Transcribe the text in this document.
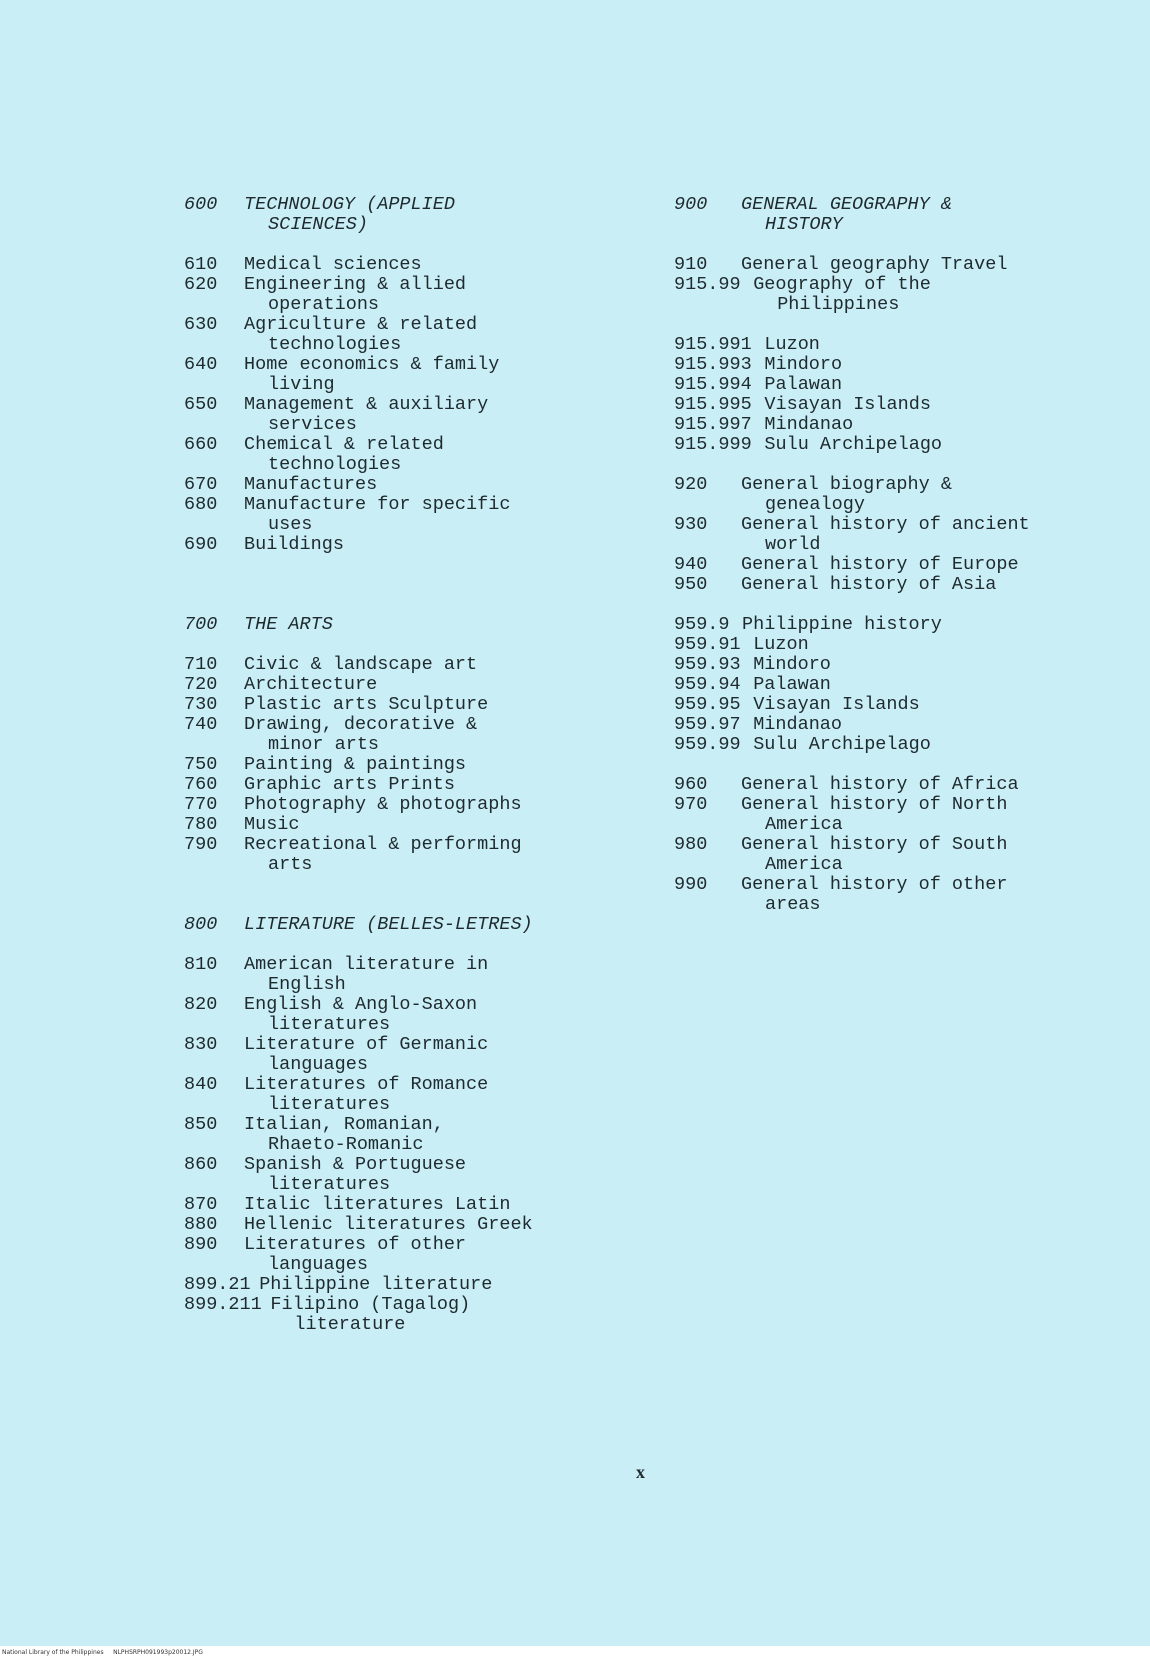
600	TECHNOLOGY (APPLIED
SCIENCES)
610	Medical sciences
620	Engineering & allied
operations
630	Agriculture & related
technologies
640	Home economics & family
living
650	Management & auxiliary
services
660	Chemical & related
technologies
670	Manufactures
680	Manufacture for specific
uses
690	Buildings
700	THE ARTS
710	Civic & landscape art
720	Architecture
730	Plastic arts Sculpture
740	Drawing, decorative &
minor arts
750	Painting & paintings
760	Graphic arts Prints
770	Photography & photographs
780	Music
790	Recreational & performing
arts
800	LITERATURE (BELLES-LETRES)
810	American literature in
English
820	English & Anglo-Saxon
literatures
830	Literature of Germanic
languages
840	Literatures of Romance
literatures
850	Italian, Romanian,
Rhaeto-Romanic
860	Spanish & Portuguese
literatures
870	Italic literatures Latin
880	Hellenic literatures Greek
890	Literatures of other
languages
899.21 Philippine literature
899.211 Filipino (Tagalog)
literature
900	GENERAL GEOGRAPHY &
HISTORY
910	General geography Travel
915.99 Geography of the
Philippines
915.991 Luzon
915.993 Mindoro
915.994 Palawan
915.995 Visayan Islands
915.997 Mindanao
915.999 Sulu Archipelago
920	General biography &
genealogy
930	General history of ancient
world
940	General history of Europe
950	General history of Asia
959.9 Philippine history
959.91 Luzon
959.93 Mindoro
959.94 Palawan
959.95 Visayan Islands
959.97 Mindanao
959.99 Sulu Archipelago
960	General history of Africa
970	General history of North
America
980	General history of South
America
990	General history of other
areas
x
National Library of the Philippines     NLPHSRPH091993p20012.JPG
